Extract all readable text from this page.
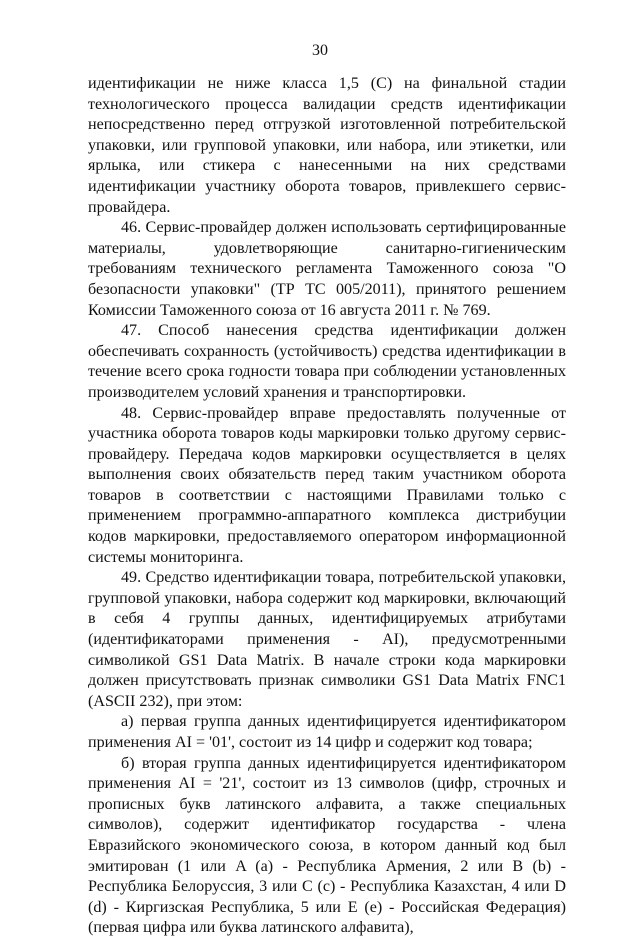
30

идентификации не ниже класса 1,5 (С) на финальной стадии технологического процесса валидации средств идентификации непосредственно перед отгрузкой изготовленной потребительской упаковки, или групповой упаковки, или набора, или этикетки, или ярлыка, или стикера с нанесенными на них средствами идентификации участнику оборота товаров, привлекшего сервис-провайдера.

46. Сервис-провайдер должен использовать сертифицированные материалы, удовлетворяющие санитарно-гигиеническим требованиям технического регламента Таможенного союза "О безопасности упаковки" (ТР ТС 005/2011), принятого решением Комиссии Таможенного союза от 16 августа 2011 г. № 769.

47. Способ нанесения средства идентификации должен обеспечивать сохранность (устойчивость) средства идентификации в течение всего срока годности товара при соблюдении установленных производителем условий хранения и транспортировки.

48. Сервис-провайдер вправе предоставлять полученные от участника оборота товаров коды маркировки только другому сервис-провайдеру. Передача кодов маркировки осуществляется в целях выполнения своих обязательств перед таким участником оборота товаров в соответствии с настоящими Правилами только с применением программно-аппаратного комплекса дистрибуции кодов маркировки, предоставляемого оператором информационной системы мониторинга.

49. Средство идентификации товара, потребительской упаковки, групповой упаковки, набора содержит код маркировки, включающий в себя 4 группы данных, идентифицируемых атрибутами (идентификаторами применения - AI), предусмотренными символикой GS1 Data Matrix. В начале строки кода маркировки должен присутствовать признак символики GS1 Data Matrix FNC1 (ASCII 232), при этом:

а) первая группа данных идентифицируется идентификатором применения AI = '01', состоит из 14 цифр и содержит код товара;

б) вторая группа данных идентифицируется идентификатором применения AI = '21', состоит из 13 символов (цифр, строчных и прописных букв латинского алфавита, а также специальных символов), содержит идентификатор государства - члена Евразийского экономического союза, в котором данный код был эмитирован (1 или A (a) - Республика Армения, 2 или B (b) - Республика Белоруссия, 3 или C (c) - Республика Казахстан, 4 или D (d) - Киргизская Республика, 5 или E (e) - Российская Федерация) (первая цифра или буква латинского алфавита),
